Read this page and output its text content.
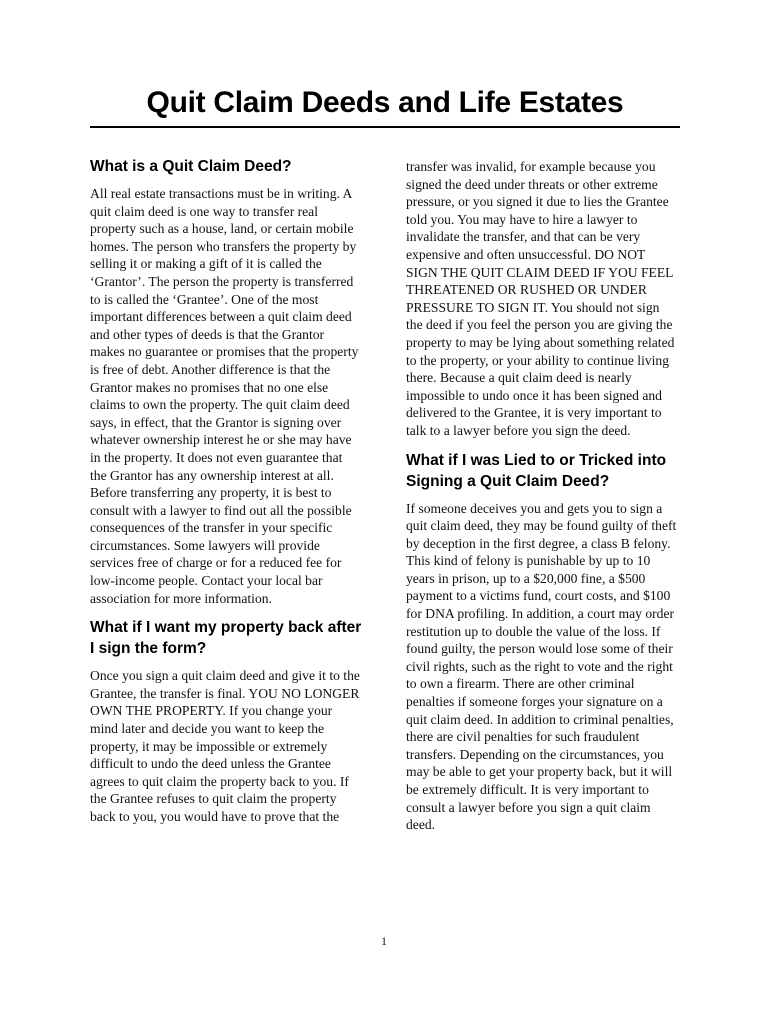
Quit Claim Deeds and Life Estates
What is a Quit Claim Deed?

All real estate transactions must be in writing. A quit claim deed is one way to transfer real property such as a house, land, or certain mobile homes. The person who transfers the property by selling it or making a gift of it is called the ‘Grantor’. The person the property is transferred to is called the ‘Grantee’. One of the most important differences between a quit claim deed and other types of deeds is that the Grantor makes no guarantee or promises that the property is free of debt. Another difference is that the Grantor makes no promises that no one else claims to own the property. The quit claim deed says, in effect, that the Grantor is signing over whatever ownership interest he or she may have in the property. It does not even guarantee that the Grantor has any ownership interest at all. Before transferring any property, it is best to consult with a lawyer to find out all the possible consequences of the transfer in your specific circumstances. Some lawyers will provide services free of charge or for a reduced fee for low-income people. Contact your local bar association for more information.

What if I want my property back after I sign the form?

Once you sign a quit claim deed and give it to the Grantee, the transfer is final. YOU NO LONGER OWN THE PROPERTY. If you change your mind later and decide you want to keep the property, it may be impossible or extremely difficult to undo the deed unless the Grantee agrees to quit claim the property back to you. If the Grantee refuses to quit claim the property back to you, you would have to prove that the

transfer was invalid, for example because you signed the deed under threats or other extreme pressure, or you signed it due to lies the Grantee told you. You may have to hire a lawyer to invalidate the transfer, and that can be very expensive and often unsuccessful. DO NOT SIGN THE QUIT CLAIM DEED IF YOU FEEL THREATENED OR RUSHED OR UNDER PRESSURE TO SIGN IT. You should not sign the deed if you feel the person you are giving the property to may be lying about something related to the property, or your ability to continue living there. Because a quit claim deed is nearly impossible to undo once it has been signed and delivered to the Grantee, it is very important to talk to a lawyer before you sign the deed.

What if I was Lied to or Tricked into Signing a Quit Claim Deed?

If someone deceives you and gets you to sign a quit claim deed, they may be found guilty of theft by deception in the first degree, a class B felony. This kind of felony is punishable by up to 10 years in prison, up to a $20,000 fine, a $500 payment to a victims fund, court costs, and $100 for DNA profiling. In addition, a court may order restitution up to double the value of the loss. If found guilty, the person would lose some of their civil rights, such as the right to vote and the right to own a firearm. There are other criminal penalties if someone forges your signature on a quit claim deed. In addition to criminal penalties, there are civil penalties for such fraudulent transfers. Depending on the circumstances, you may be able to get your property back, but it will be extremely difficult. It is very important to consult a lawyer before you sign a quit claim deed.

1
